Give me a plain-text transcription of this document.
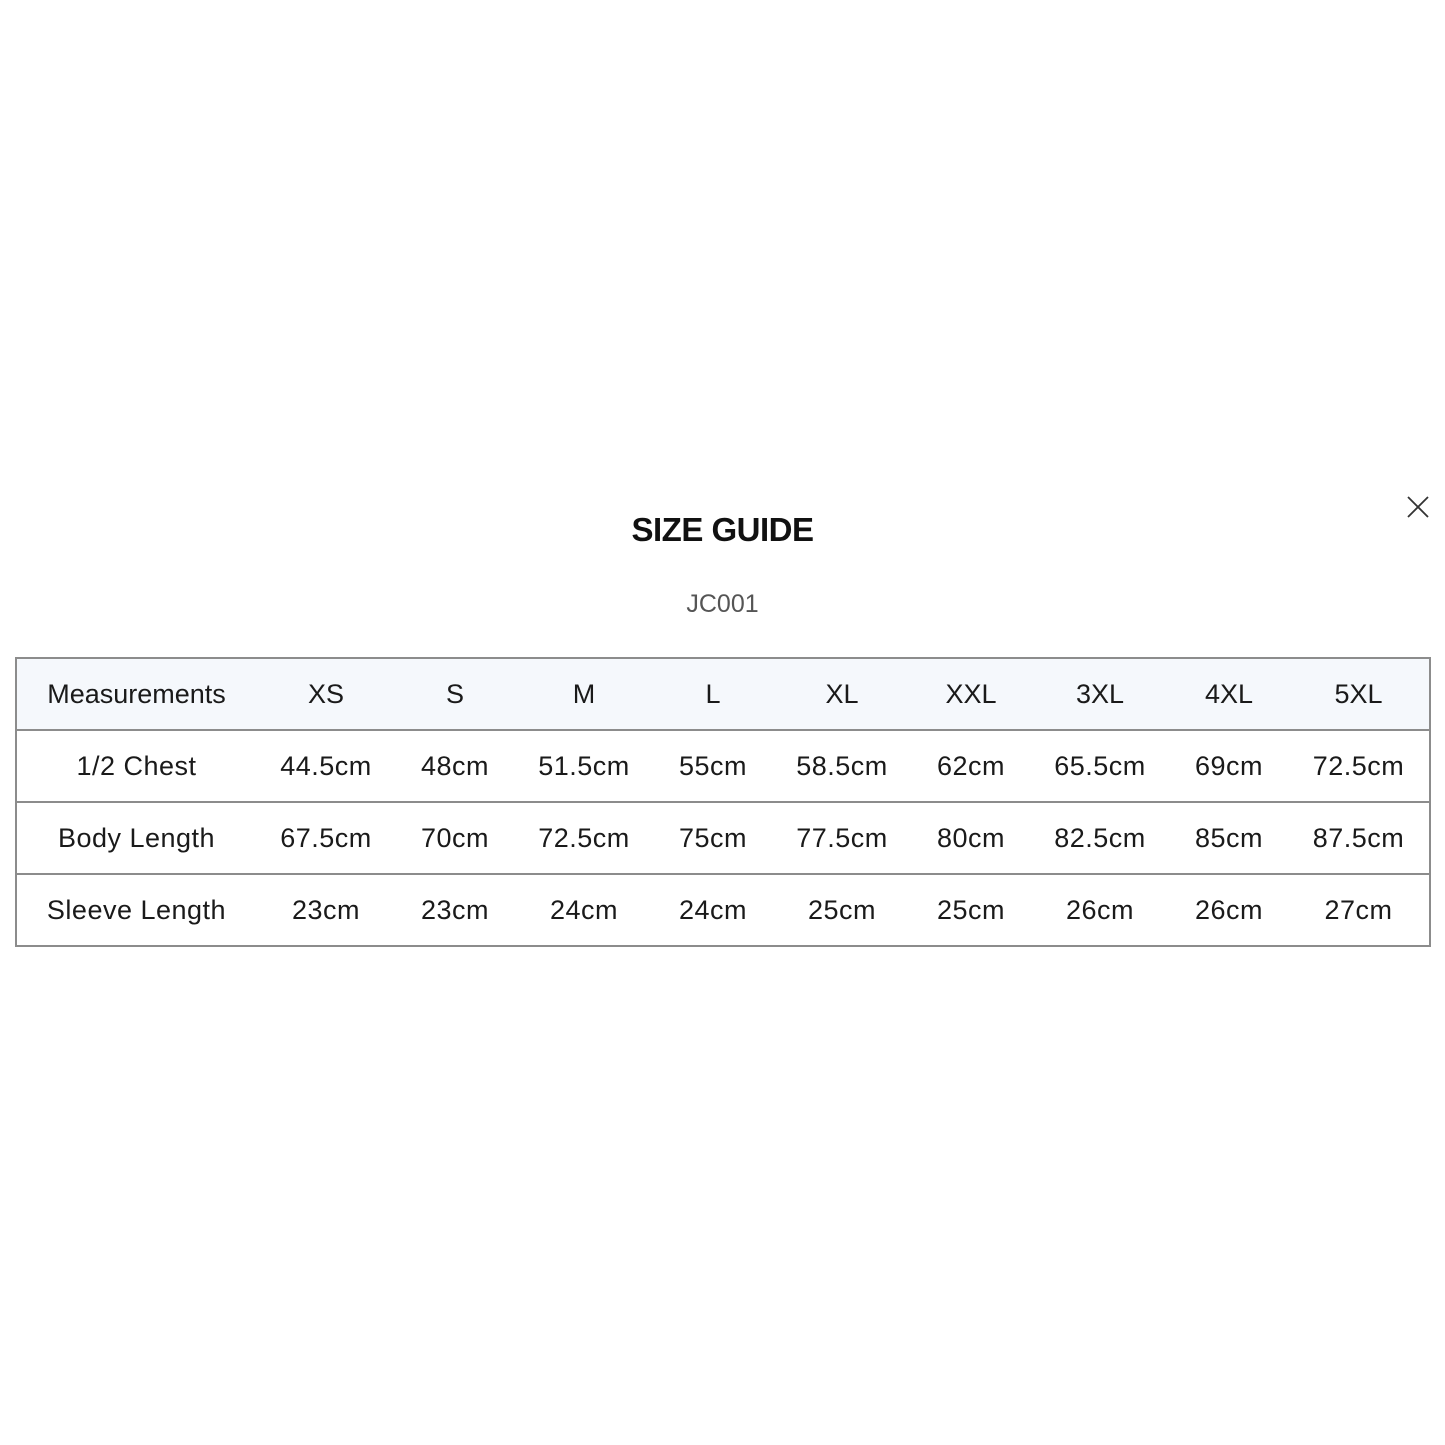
SIZE GUIDE
JC001
Measurements	XS	S	M	L	XL	XXL	3XL	4XL	5XL
1/2 Chest	44.5cm	48cm	51.5cm	55cm	58.5cm	62cm	65.5cm	69cm	72.5cm
Body Length	67.5cm	70cm	72.5cm	75cm	77.5cm	80cm	82.5cm	85cm	87.5cm
Sleeve Length	23cm	23cm	24cm	24cm	25cm	25cm	26cm	26cm	27cm
